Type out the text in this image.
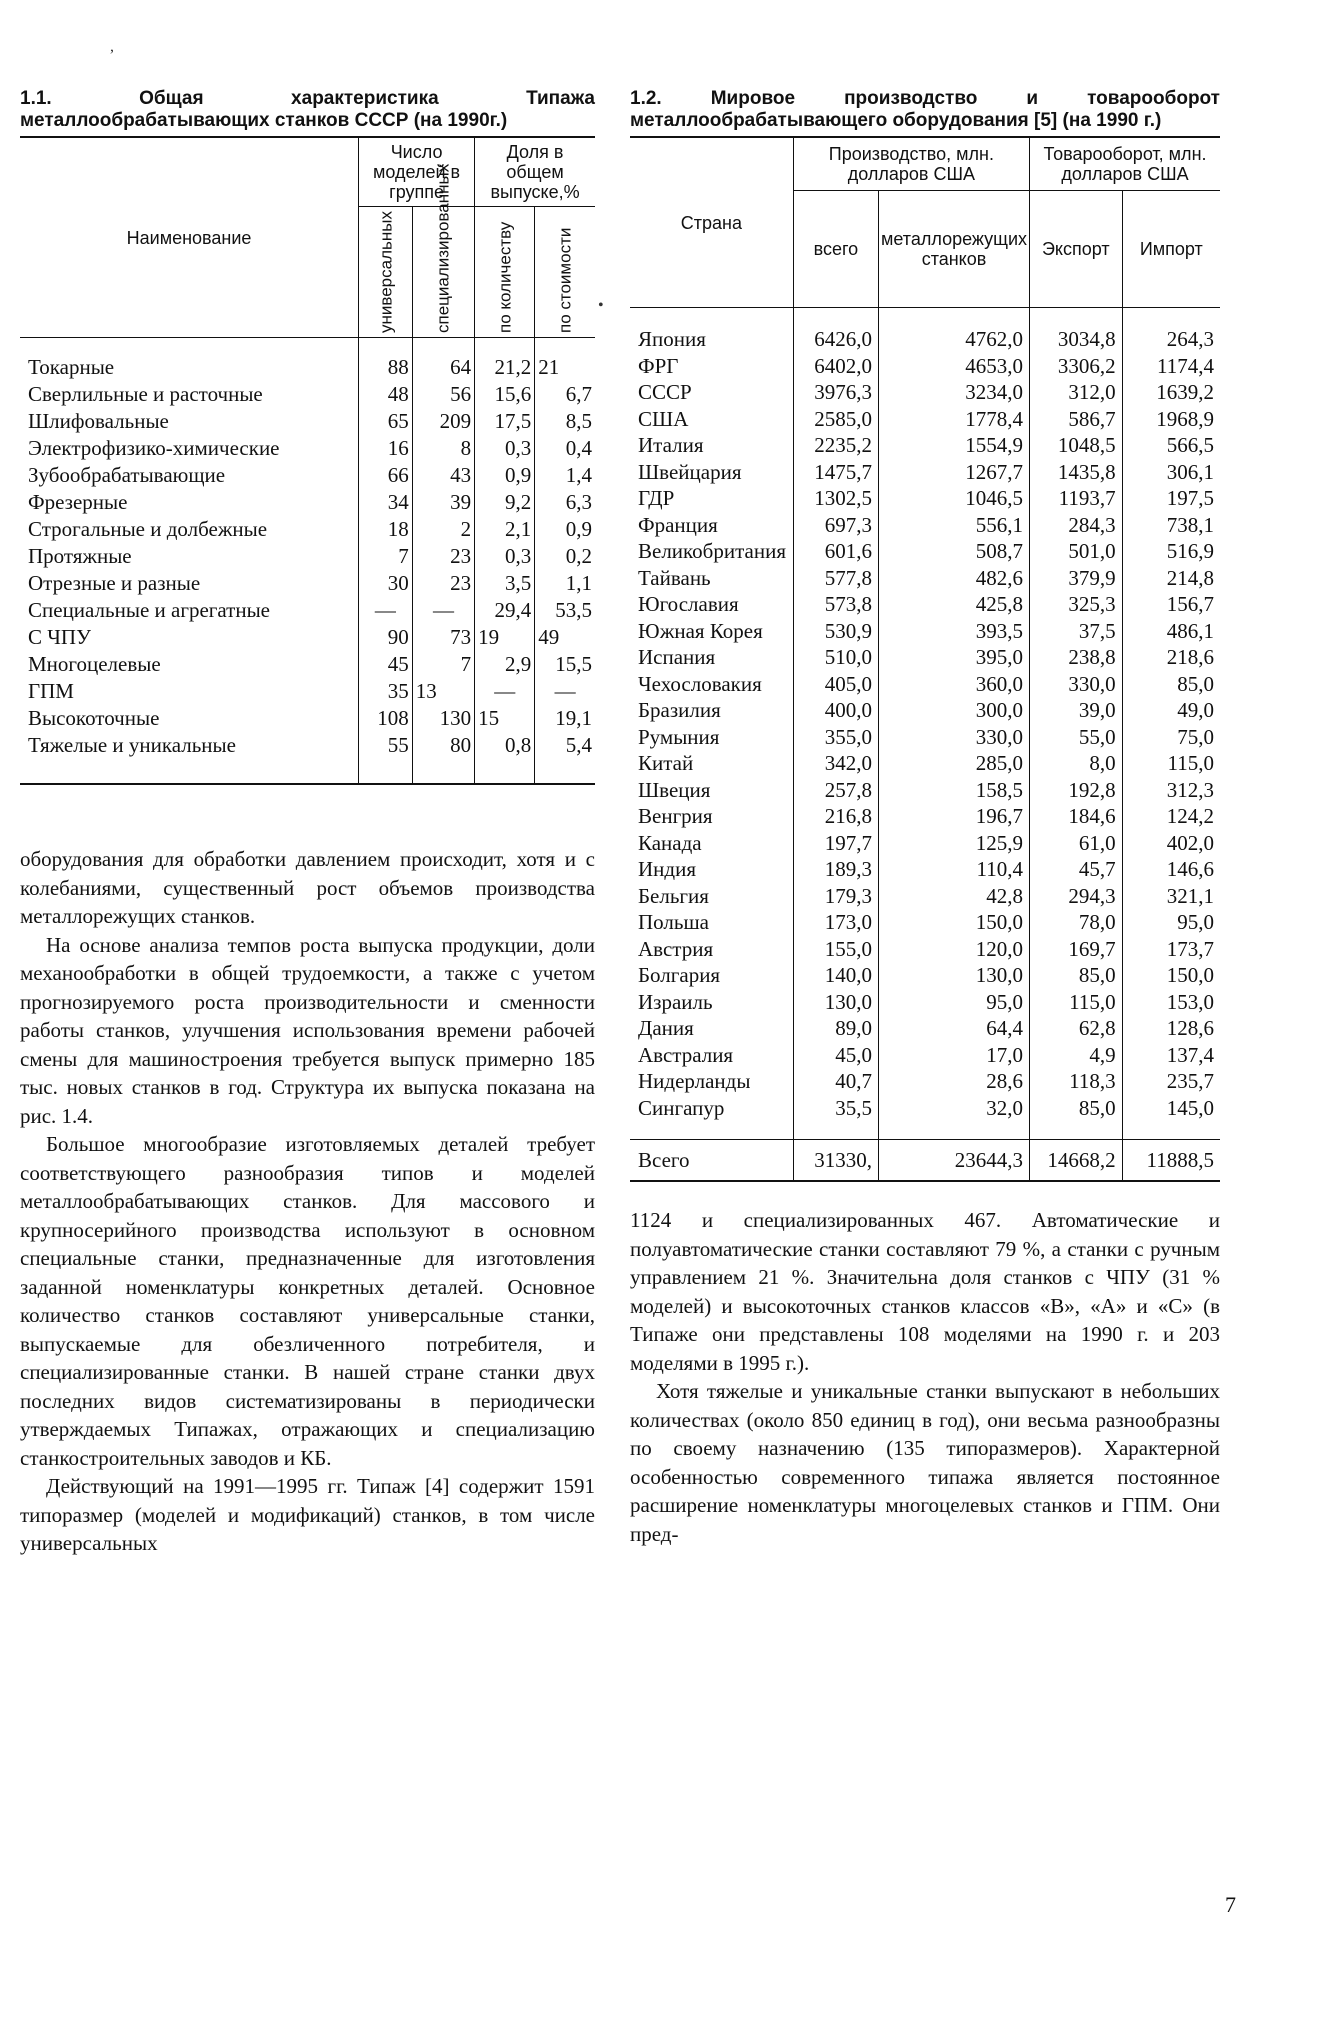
,
•
1.1. Общая характеристика Типажа металлообрабатывающих станков СССР (на 1990г.)
Наименование	Число моделей в группе		Доля в общем выпуске,%	
	универсальных	специализированных	по количеству	по стоимости
Токарные	88	64	21,2	21
Сверлильные и расточные	48	56	15,6	6,7
Шлифовальные	65	209	17,5	8,5
Электрофизико-химические	16	8	0,3	0,4
Зубообрабатывающие	66	43	0,9	1,4
Фрезерные	34	39	9,2	6,3
Строгальные и долбежные	18	2	2,1	0,9
Протяжные	7	23	0,3	0,2
Отрезные и разные	30	23	3,5	1,1
Специальные и агрегатные	—	—	29,4	53,5
С ЧПУ	90	73	19	49
Многоцелевые	45	7	2,9	15,5
ГПМ	35	13	—	—
Высокоточные	108	130	15	19,1
Тяжелые и уникальные	55	80	0,8	5,4

оборудования для обработки давлением происходит, хотя и с колебаниями, существенный рост объемов производства металлорежущих станков.

На основе анализа темпов роста выпуска продукции, доли механообработки в общей трудоемкости, а также с учетом прогнозируемого роста производительности и сменности работы станков, улучшения использования времени рабочей смены для машиностроения требуется выпуск примерно 185 тыс. новых станков в год. Структура их выпуска показана на рис. 1.4.

Большое многообразие изготовляемых деталей требует соответствующего разнообразия типов и моделей металлообрабатывающих станков. Для массового и крупносерийного производства используют в основном специальные станки, предназначенные для изготовления заданной номенклатуры конкретных деталей. Основное количество станков составляют универсальные станки, выпускаемые для обезличенного потребителя, и специализированные станки. В нашей стране станки двух последних видов систематизированы в периодически утверждаемых Типажах, отражающих и специализацию станкостроительных заводов и КБ.

Действующий на 1991—1995 гг. Типаж [4] содержит 1591 типоразмер (моделей и модификаций) станков, в том числе универсальных

1.2. Мировое производство и товарооборот металлообрабатывающего оборудования [5] (на 1990 г.)
Страна	Производство, млн. долларов США		Товарооборот, млн. долларов США	
	всего	металлорежущих станков	Экспорт	Импорт
Япония	6426,0	4762,0	3034,8	264,3
ФРГ	6402,0	4653,0	3306,2	1174,4
СССР	3976,3	3234,0	312,0	1639,2
США	2585,0	1778,4	586,7	1968,9
Италия	2235,2	1554,9	1048,5	566,5
Швейцария	1475,7	1267,7	1435,8	306,1
ГДР	1302,5	1046,5	1193,7	197,5
Франция	697,3	556,1	284,3	738,1
Великобритания	601,6	508,7	501,0	516,9
Тайвань	577,8	482,6	379,9	214,8
Югославия	573,8	425,8	325,3	156,7
Южная Корея	530,9	393,5	37,5	486,1
Испания	510,0	395,0	238,8	218,6
Чехословакия	405,0	360,0	330,0	85,0
Бразилия	400,0	300,0	39,0	49,0
Румыния	355,0	330,0	55,0	75,0
Китай	342,0	285,0	8,0	115,0
Швеция	257,8	158,5	192,8	312,3
Венгрия	216,8	196,7	184,6	124,2
Канада	197,7	125,9	61,0	402,0
Индия	189,3	110,4	45,7	146,6
Бельгия	179,3	42,8	294,3	321,1
Польша	173,0	150,0	78,0	95,0
Австрия	155,0	120,0	169,7	173,7
Болгария	140,0	130,0	85,0	150,0
Израиль	130,0	95,0	115,0	153,0
Дания	89,0	64,4	62,8	128,6
Австралия	45,0	17,0	4,9	137,4
Нидерланды	40,7	28,6	118,3	235,7
Сингапур	35,5	32,0	85,0	145,0
Всего	31330,	23644,3	14668,2	11888,5

1124 и специализированных 467. Автоматические и полуавтоматические станки составляют 79 %, а станки с ручным управлением 21 %. Значительна доля станков с ЧПУ (31 % моделей) и высокоточных станков классов «В», «А» и «С» (в Типаже они представлены 108 моделями на 1990 г. и 203 моделями в 1995 г.).

Хотя тяжелые и уникальные станки выпускают в небольших количествах (около 850 единиц в год), они весьма разнообразны по своему назначению (135 типоразмеров). Характерной особенностью современного типажа является постоянное расширение номенклатуры многоцелевых станков и ГПМ. Они пред-

7
